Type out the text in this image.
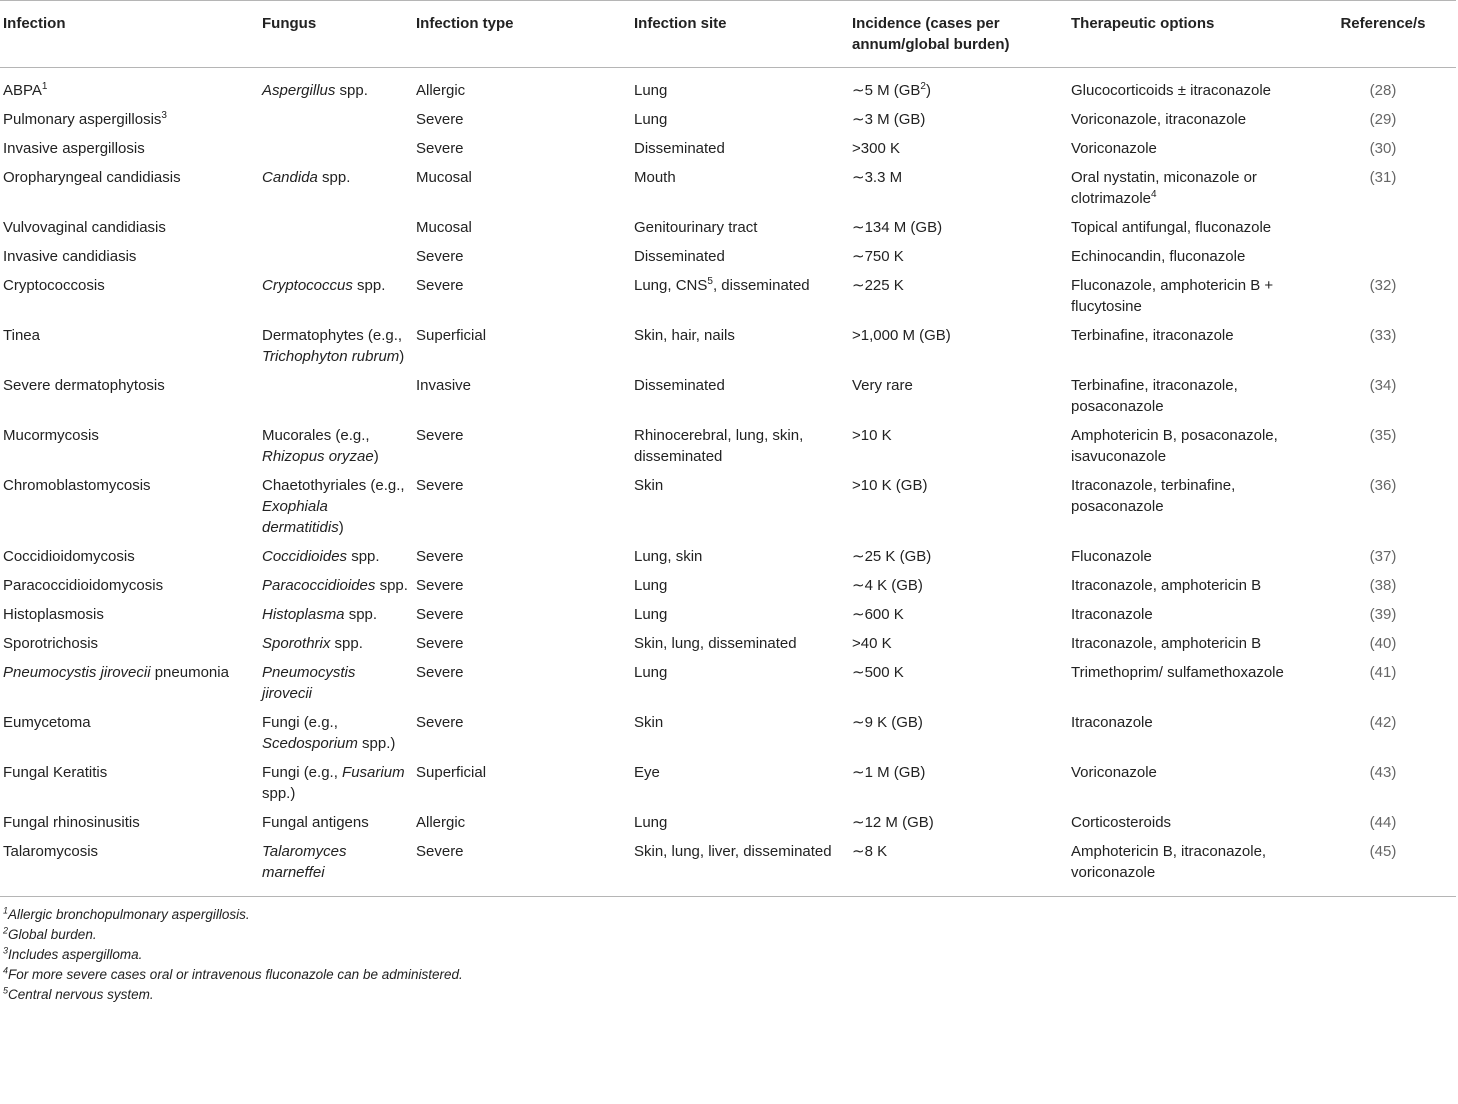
Infection	Fungus	Infection type	Infection site	Incidence (cases per annum/global burden)	Therapeutic options	Reference/s
ABPA$^1$	Aspergillus spp.	Allergic	Lung	∼5 M $(GB^2)$	Glucocorticoids ± itraconazole	(28)
Pulmonary aspergillosis$^3$		Severe	Lung	∼3 M (GB)	Voriconazole, itraconazole	(29)
Invasive aspergillosis		Severe	Disseminated	>300 K	Voriconazole	(30)
Oropharyngeal candidiasis	Candida spp.	Mucosal	Mouth	∼3.3 M	Oral nystatin, miconazole or clotrimazole$^4$	(31)
Vulvovaginal candidiasis		Mucosal	Genitourinary tract	∼134 M (GB)	Topical antifungal, fluconazole	
Invasive candidiasis		Severe	Disseminated	∼750 K	Echinocandin, fluconazole	
Cryptococcosis	Cryptococcus spp.	Severe	Lung, CNS$^5$, disseminated	∼225 K	Fluconazole, amphotericin B + flucytosine	(32)
Tinea	Dermatophytes (e.g., Trichophyton rubrum)	Superficial	Skin, hair, nails	>1,000 M (GB)	Terbinafine, itraconazole	(33)
Severe dermatophytosis		Invasive	Disseminated	Very rare	Terbinafine, itraconazole, posaconazole	(34)
Mucormycosis	Mucorales (e.g., Rhizopus oryzae)	Severe	Rhinocerebral, lung, skin, disseminated	>10 K	Amphotericin B, posaconazole, isavuconazole	(35)
Chromoblastomycosis	Chaetothyriales (e.g., Exophiala dermatitidis)	Severe	Skin	>10 K (GB)	Itraconazole, terbinafine, posaconazole	(36)
Coccidioidomycosis	Coccidioides spp.	Severe	Lung, skin	∼25 K (GB)	Fluconazole	(37)
Paracoccidioidomycosis	Paracoccidioides spp.	Severe	Lung	∼4 K (GB)	Itraconazole, amphotericin B	(38)
Histoplasmosis	Histoplasma spp.	Severe	Lung	∼600 K	Itraconazole	(39)
Sporotrichosis	Sporothrix spp.	Severe	Skin, lung, disseminated	>40 K	Itraconazole, amphotericin B	(40)
Pneumocystis jirovecii pneumonia	Pneumocystis jirovecii	Severe	Lung	∼500 K	Trimethoprim/ sulfamethoxazole	(41)
Eumycetoma	Fungi (e.g., Scedosporium spp.)	Severe	Skin	∼9 K (GB)	Itraconazole	(42)
Fungal Keratitis	Fungi (e.g., Fusarium spp.)	Superficial	Eye	∼1 M (GB)	Voriconazole	(43)
Fungal rhinosinusitis	Fungal antigens	Allergic	Lung	∼12 M (GB)	Corticosteroids	(44)
Talaromycosis	Talaromyces marneffei	Severe	Skin, lung, liver, disseminated	∼8 K	Amphotericin B, itraconazole, voriconazole	(45)
$^1$Allergic bronchopulmonary aspergillosis.
$^2$Global burden.
$^3$Includes aspergilloma.
$^4$For more severe cases oral or intravenous fluconazole can be administered.
$^5$Central nervous system.
